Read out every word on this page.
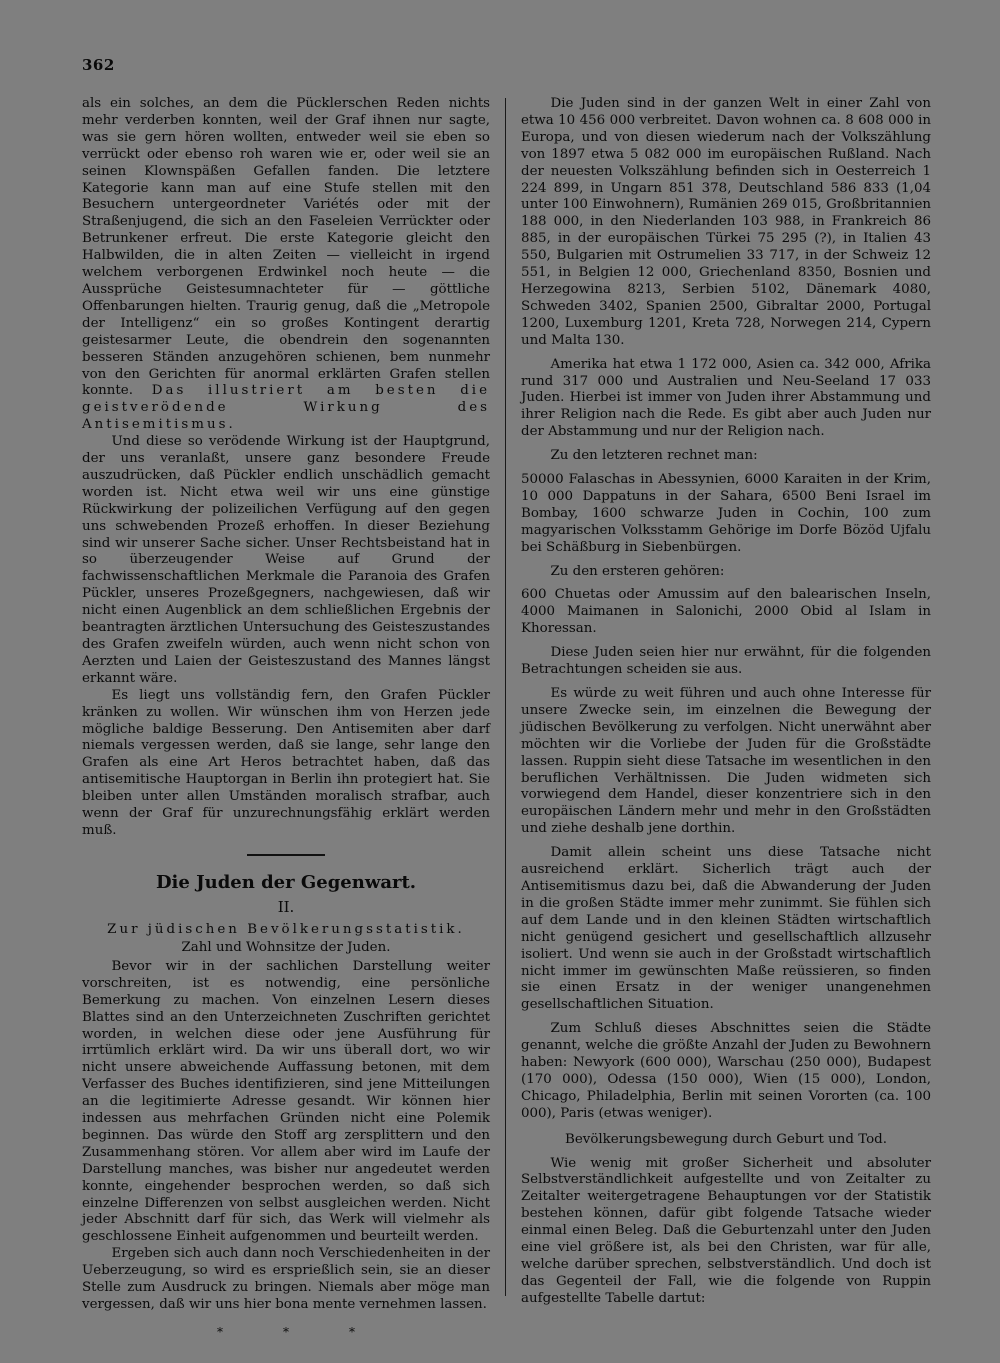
362

als ein solches, an dem die Pücklerschen Reden nichts mehr verderben konnten, weil der Graf ihnen nur sagte, was sie gern hören wollten, entweder weil sie eben so verrückt oder ebenso roh waren wie er, oder weil sie an seinen Klownspäßen Gefallen fanden. Die letztere Kategorie kann man auf eine Stufe stellen mit den Besuchern untergeordneter Variétés oder mit der Straßenjugend, die sich an den Faseleien Verrückter oder Betrunkener erfreut. Die erste Kategorie gleicht den Halbwilden, die in alten Zeiten — vielleicht in irgend welchem verborgenen Erdwinkel noch heute — die Aussprüche Geistesumnachteter für — göttliche Offenbarungen hielten. Traurig genug, daß die „Metropole der Intelligenz“ ein so großes Kontingent derartig geistesarmer Leute, die obendrein den sogenannten besseren Ständen anzugehören schienen, bem nunmehr von den Gerichten für anormal erklärten Grafen stellen konnte. Das illustriert am besten die geistverödende Wirkung des Antisemitismus.

Und diese so verödende Wirkung ist der Hauptgrund, der uns veranlaßt, unsere ganz besondere Freude auszudrücken, daß Pückler endlich unschädlich gemacht worden ist. Nicht etwa weil wir uns eine günstige Rückwirkung der polizeilichen Verfügung auf den gegen uns schwebenden Prozeß erhoffen. In dieser Beziehung sind wir unserer Sache sicher. Unser Rechtsbeistand hat in so überzeugender Weise auf Grund der fachwissenschaftlichen Merkmale die Paranoia des Grafen Pückler, unseres Prozeßgegners, nachgewiesen, daß wir nicht einen Augenblick an dem schließlichen Ergebnis der beantragten ärztlichen Untersuchung des Geisteszustandes des Grafen zweifeln würden, auch wenn nicht schon von Aerzten und Laien der Geisteszustand des Mannes längst erkannt wäre.

Es liegt uns vollständig fern, den Grafen Pückler kränken zu wollen. Wir wünschen ihm von Herzen jede mögliche baldige Besserung. Den Antisemiten aber darf niemals vergessen werden, daß sie lange, sehr lange den Grafen als eine Art Heros betrachtet haben, daß das antisemitische Hauptorgan in Berlin ihn protegiert hat. Sie bleiben unter allen Umständen moralisch strafbar, auch wenn der Graf für unzurechnungsfähig erklärt werden muß.

Die Juden der Gegenwart.
II.
Zur jüdischen Bevölkerungsstatistik.
Zahl und Wohnsitze der Juden.

Bevor wir in der sachlichen Darstellung weiter vorschreiten, ist es notwendig, eine persönliche Bemerkung zu machen. Von einzelnen Lesern dieses Blattes sind an den Unterzeichneten Zuschriften gerichtet worden, in welchen diese oder jene Ausführung für irrtümlich erklärt wird. Da wir uns überall dort, wo wir nicht unsere abweichende Auffassung betonen, mit dem Verfasser des Buches identifizieren, sind jene Mitteilungen an die legitimierte Adresse gesandt. Wir können hier indessen aus mehrfachen Gründen nicht eine Polemik beginnen. Das würde den Stoff arg zersplittern und den Zusammenhang stören. Vor allem aber wird im Laufe der Darstellung manches, was bisher nur angedeutet werden konnte, eingehender besprochen werden, so daß sich einzelne Differenzen von selbst ausgleichen werden. Nicht jeder Abschnitt darf für sich, das Werk will vielmehr als geschlossene Einheit aufgenommen und beurteilt werden.

Ergeben sich auch dann noch Verschiedenheiten in der Ueberzeugung, so wird es ersprießlich sein, sie an dieser Stelle zum Ausdruck zu bringen. Niemals aber möge man vergessen, daß wir uns hier bona mente vernehmen lassen.

*	*	*

Die Juden sind in der ganzen Welt in einer Zahl von etwa 10 456 000 verbreitet. Davon wohnen ca. 8 608 000 in Europa, und von diesen wiederum nach der Volkszählung von 1897 etwa 5 082 000 im europäischen Rußland. Nach der neuesten Volkszählung befinden sich in Oesterreich 1 224 899, in Ungarn 851 378, Deutschland 586 833 (1,04 unter 100 Einwohnern), Rumänien 269 015, Großbritannien 188 000, in den Niederlanden 103 988, in Frankreich 86 885, in der europäischen Türkei 75 295 (?), in Italien 43 550, Bulgarien mit Ostrumelien 33 717, in der Schweiz 12 551, in Belgien 12 000, Griechenland 8350, Bosnien und Herzegowina 8213, Serbien 5102, Dänemark 4080, Schweden 3402, Spanien 2500, Gibraltar 2000, Portugal 1200, Luxemburg 1201, Kreta 728, Norwegen 214, Cypern und Malta 130.

Amerika hat etwa 1 172 000, Asien ca. 342 000, Afrika rund 317 000 und Australien und Neu-Seeland 17 033 Juden. Hierbei ist immer von Juden ihrer Abstammung und ihrer Religion nach die Rede. Es gibt aber auch Juden nur der Abstammung und nur der Religion nach.

Zu den letzteren rechnet man:

50000 Falaschas in Abessynien, 6000 Karaiten in der Krim, 10 000 Dappatuns in der Sahara, 6500 Beni Israel im Bombay, 1600 schwarze Juden in Cochin, 100 zum magyarischen Volksstamm Gehörige im Dorfe Bözöd Ujfalu bei Schäßburg in Siebenbürgen.

Zu den ersteren gehören:

600 Chuetas oder Amussim auf den balearischen Inseln, 4000 Maimanen in Salonichi, 2000 Obid al Islam in Khoressan.

Diese Juden seien hier nur erwähnt, für die folgenden Betrachtungen scheiden sie aus.

Es würde zu weit führen und auch ohne Interesse für unsere Zwecke sein, im einzelnen die Bewegung der jüdischen Bevölkerung zu verfolgen. Nicht unerwähnt aber möchten wir die Vorliebe der Juden für die Großstädte lassen. Ruppin sieht diese Tatsache im wesentlichen in den beruflichen Verhältnissen. Die Juden widmeten sich vorwiegend dem Handel, dieser konzentriere sich in den europäischen Ländern mehr und mehr in den Großstädten und ziehe deshalb jene dorthin.

Damit allein scheint uns diese Tatsache nicht ausreichend erklärt. Sicherlich trägt auch der Antisemitismus dazu bei, daß die Abwanderung der Juden in die großen Städte immer mehr zunimmt. Sie fühlen sich auf dem Lande und in den kleinen Städten wirtschaftlich nicht genügend gesichert und gesellschaftlich allzusehr isoliert. Und wenn sie auch in der Großstadt wirtschaftlich nicht immer im gewünschten Maße reüssieren, so finden sie einen Ersatz in der weniger unangenehmen gesellschaftlichen Situation.

Zum Schluß dieses Abschnittes seien die Städte genannt, welche die größte Anzahl der Juden zu Bewohnern haben: Newyork (600 000), Warschau (250 000), Budapest (170 000), Odessa (150 000), Wien (15 000), London, Chicago, Philadelphia, Berlin mit seinen Vororten (ca. 100 000), Paris (etwas weniger).

Bevölkerungsbewegung durch Geburt und Tod.

Wie wenig mit großer Sicherheit und absoluter Selbstverständlichkeit aufgestellte und von Zeitalter zu Zeitalter weitergetragene Behauptungen vor der Statistik bestehen können, dafür gibt folgende Tatsache wieder einmal einen Beleg. Daß die Geburtenzahl unter den Juden eine viel größere ist, als bei den Christen, war für alle, welche darüber sprechen, selbstverständlich. Und doch ist das Gegenteil der Fall, wie die folgende von Ruppin aufgestellte Tabelle dartut:
